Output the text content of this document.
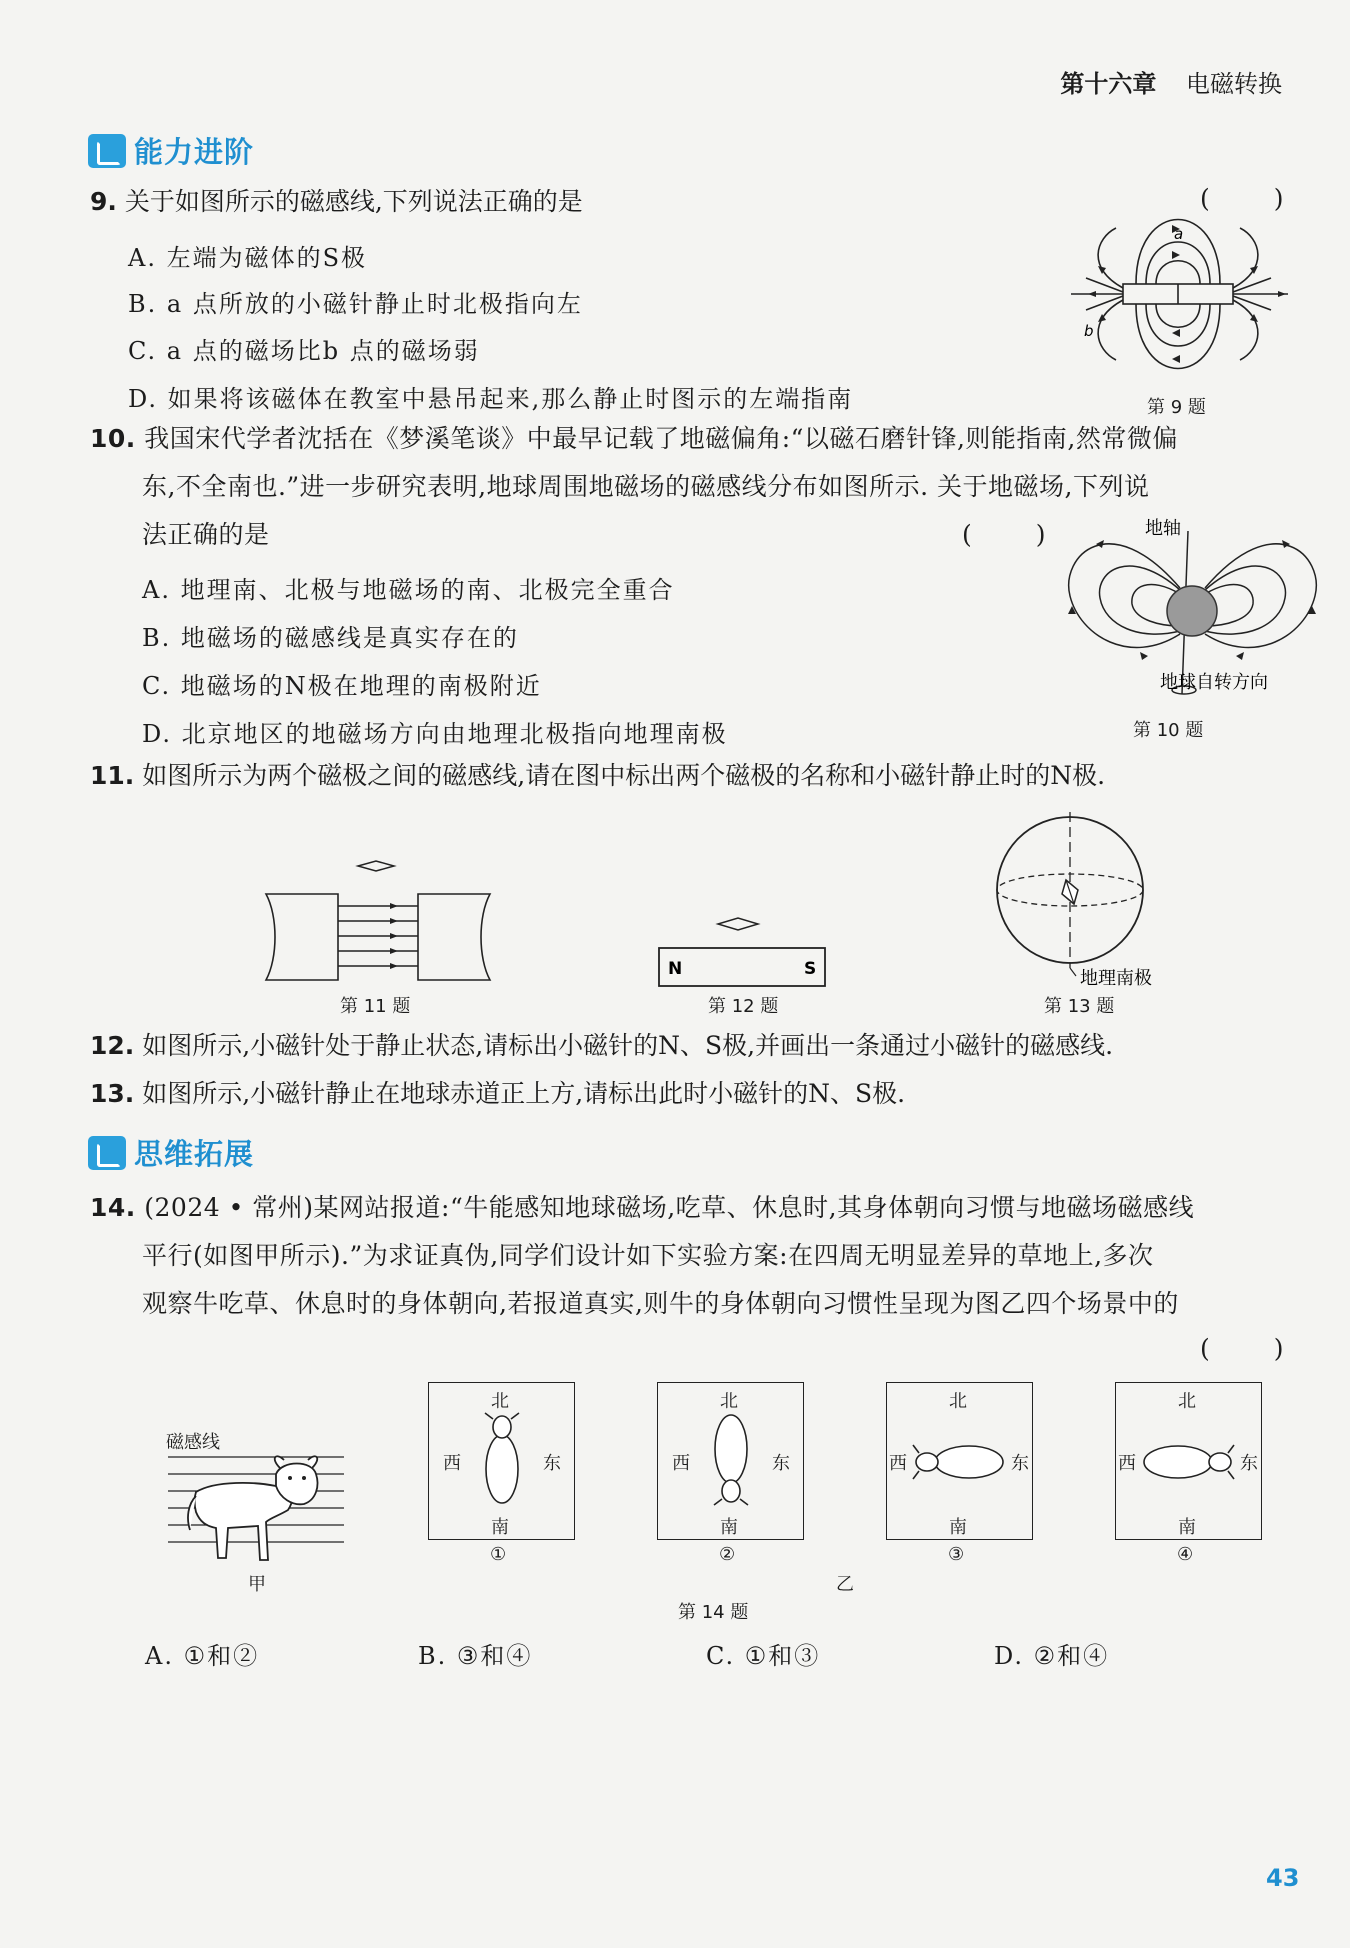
第十六章 电磁转换
能力进阶
9. 关于如图所示的磁感线,下列说法正确的是	( )
A. 左端为磁体的S极
B. a 点所放的小磁针静止时北极指向左
C. a 点的磁场比b 点的磁场弱
D. 如果将该磁体在教室中悬吊起来,那么静止时图示的左端指南
a
b
第 9 题
10. 我国宋代学者沈括在《梦溪笔谈》中最早记载了地磁偏角:“以磁石磨针锋,则能指南,然常微偏
东,不全南也.”进一步研究表明,地球周围地磁场的磁感线分布如图所示. 关于地磁场,下列说
法正确的是	( )
A. 地理南、北极与地磁场的南、北极完全重合
B. 地磁场的磁感线是真实存在的
C. 地磁场的N极在地理的南极附近
D. 北京地区的地磁场方向由地理北极指向地理南极
地轴
地球自转方向
第 10 题
11. 如图所示为两个磁极之间的磁感线,请在图中标出两个磁极的名称和小磁针静止时的N极.
第 11 题
N	S
第 12 题
地理南极
第 13 题
12. 如图所示,小磁针处于静止状态,请标出小磁针的N、S极,并画出一条通过小磁针的磁感线.
13. 如图所示,小磁针静止在地球赤道正上方,请标出此时小磁针的N、S极.
思维拓展
14. (2024 • 常州)某网站报道:“牛能感知地球磁场,吃草、休息时,其身体朝向习惯与地磁场磁感线
平行(如图甲所示).”为求证真伪,同学们设计如下实验方案:在四周无明显差异的草地上,多次
观察牛吃草、休息时的身体朝向,若报道真实,则牛的身体朝向习惯性呈现为图乙四个场景中的
( )
磁感线
甲
北
南
西	东
北
南
西	东
北
南
西	东
北
南
西	东
①	②	③	④
乙
第 14 题
A. ①和②	B. ③和④	C. ①和③	D. ②和④
43
